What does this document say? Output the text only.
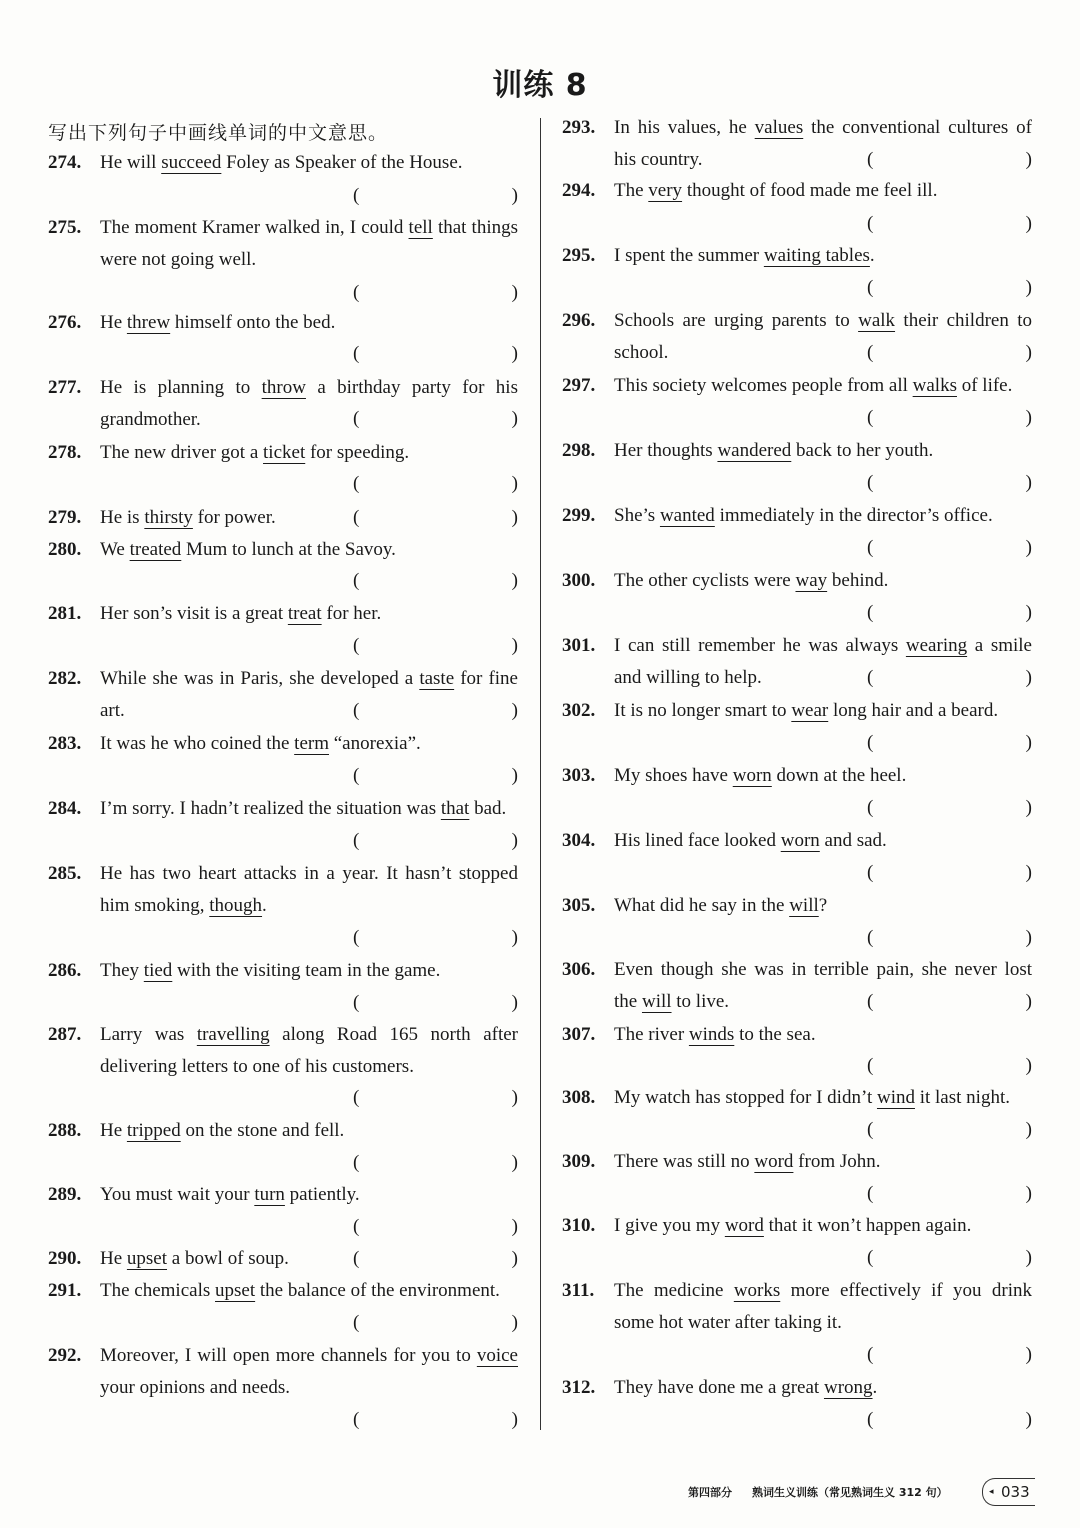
训练 8
写出下列句子中画线单词的中文意思。
274. He will succeed Foley as Speaker of the House.
(	)
275. The moment Kramer walked in, I could tell that things were not going well.
(	)
276. He threw himself onto the bed.
(	)
277. He is planning to throw a birthday party for his grandmother.	(	)
278. The new driver got a ticket for speeding.
(	)
279. He is thirsty for power.	(	)
280. We treated Mum to lunch at the Savoy.
(	)
281. Her son’s visit is a great treat for her.
(	)
282. While she was in Paris, she developed a taste for fine art.	(	)
283. It was he who coined the term “anorexia”.
(	)
284. I’m sorry. I hadn’t realized the situation was that bad.
(	)
285. He has two heart attacks in a year. It hasn’t stopped him smoking, though.
(	)
286. They tied with the visiting team in the game.
(	)
287. Larry was travelling along Road 165 north after delivering letters to one of his customers.
(	)
288. He tripped on the stone and fell.
(	)
289. You must wait your turn patiently.
(	)
290. He upset a bowl of soup.	(	)
291. The chemicals upset the balance of the environment.
(	)
292. Moreover, I will open more channels for you to voice your opinions and needs.
(	)
293. In his values, he values the conventional cultures of his country.	(	)
294. The very thought of food made me feel ill.
(	)
295. I spent the summer waiting tables.
(	)
296. Schools are urging parents to walk their children to school.	(	)
297. This society welcomes people from all walks of life.
(	)
298. Her thoughts wandered back to her youth.
(	)
299. She’s wanted immediately in the director’s office.
(	)
300. The other cyclists were way behind.
(	)
301. I can still remember he was always wearing a smile and willing to help.	(	)
302. It is no longer smart to wear long hair and a beard.
(	)
303. My shoes have worn down at the heel.
(	)
304. His lined face looked worn and sad.
(	)
305. What did he say in the will?
(	)
306. Even though she was in terrible pain, she never lost the will to live.	(	)
307. The river winds to the sea.
(	)
308. My watch has stopped for I didn’t wind it last night.
(	)
309. There was still no word from John.
(	)
310. I give you my word that it won’t happen again.
(	)
311. The medicine works more effectively if you drink some hot water after taking it.
(	)
312. They have done me a great wrong.
(	)
第四部分 熟词生义训练（常见熟词生义 312 句）	◂ 033
